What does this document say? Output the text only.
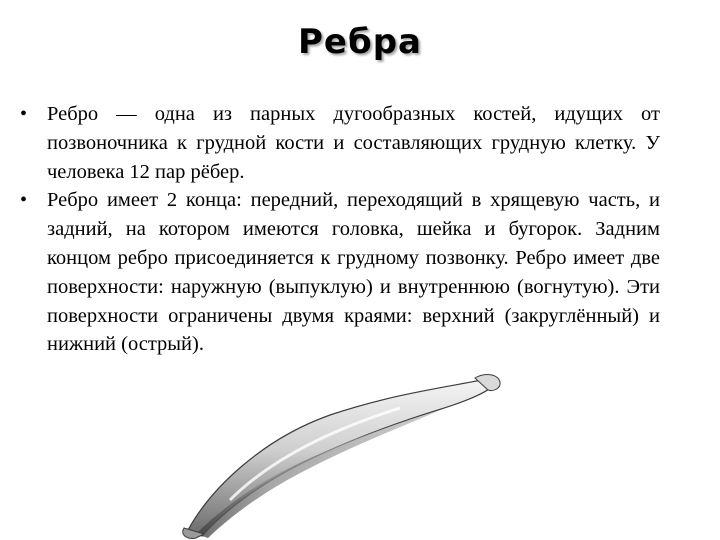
Ребра
• Ребро — одна из парных дугообразных костей, идущих от позвоночника к грудной кости и составляющих грудную клетку. У человека 12 пар рёбер.
• Ребро имеет 2 конца: передний, переходящий в хрящевую часть, и задний, на котором имеются головка, шейка и бугорок. Задним концом ребро присоединяется к грудному позвонку. Ребро имеет две поверхности: наружную (выпуклую) и внутреннюю (вогнутую). Эти поверхности ограничены двумя краями: верхний (закруглённый) и нижний (острый).
